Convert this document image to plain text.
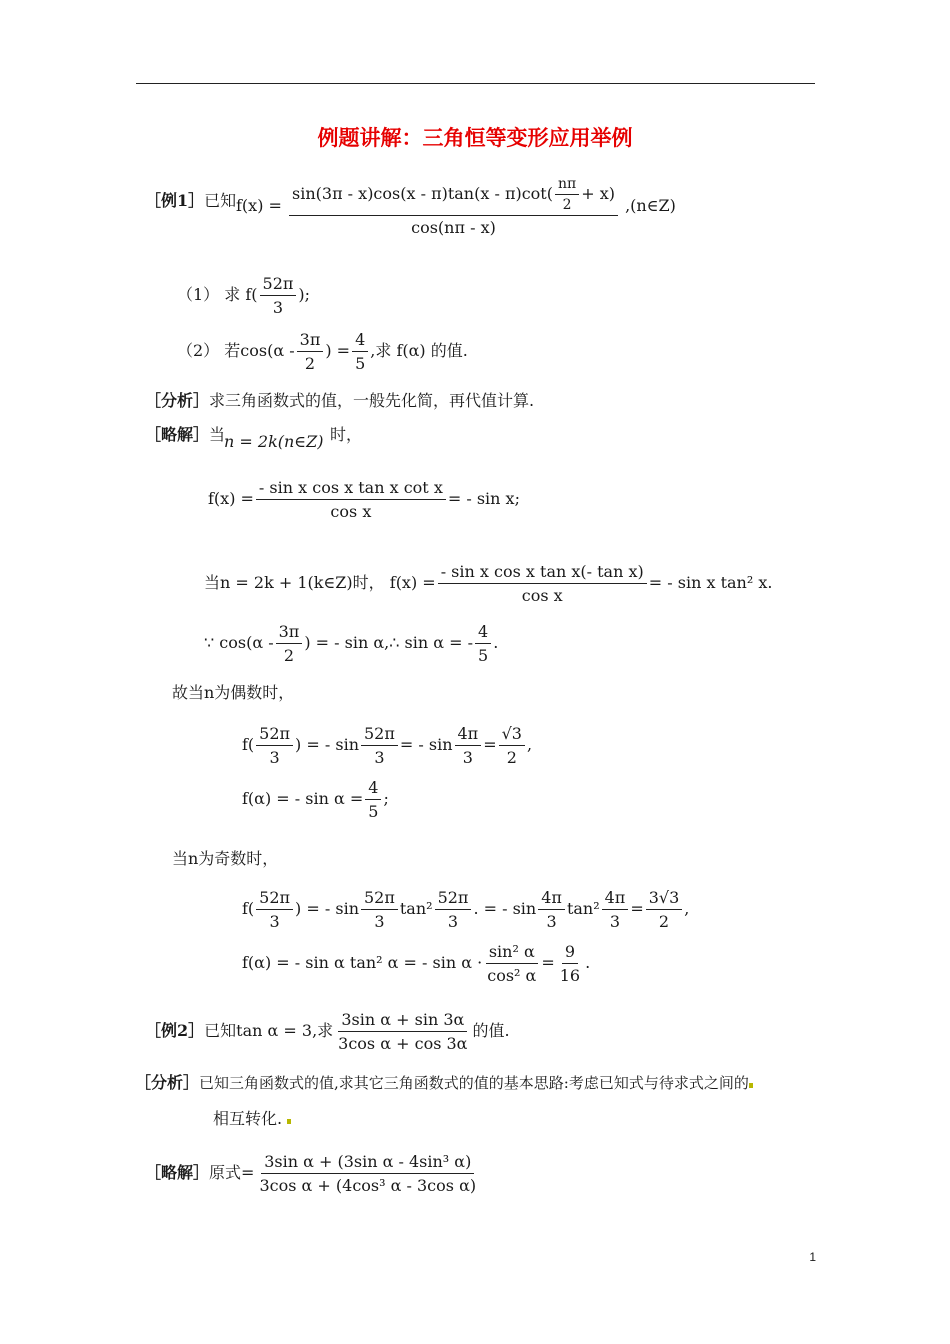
例题讲解：三角恒等变形应用举例
［例1］已知 $f(x) = \frac{\sin(3\pi - x)\cos(x - \pi)\tan(x - \pi)\cot( \frac{n\pi}{2} + x)}{\cos(n\pi - x)}$ ,(n∈Z)
（1） 求 $f( \frac{52\pi}{3}$ );
（2） 若$\cos(\alpha - \frac{3\pi}{2}$ ) = $\frac{4}{5}$ ,求 f(α) 的值.
［分析］求三角函数式的值，一般先化简，再代值计算.
［略解］当
n = 2k(n∈Z) 时，
$f(x) = \frac{\text{- sin x cos x tan x cot x}}{\text{cos x}}$ = - sin x;
当n = 2k + 1(k∈Z)时， $f(x) = \frac{\text{- sin x cos x tan x(- tan x)}}{\text{cos x}}$ = - sin x tan² x.
∵ $\cos(\alpha - \frac{3\pi}{2}$ ) = - sin α,∴ sin α = - $\frac{4}{5}$ .
故当n为偶数时，
$f( \frac{52\pi}{3}$ ) = - $\sin \frac{52\pi}{3}$ = - $\sin \frac{4\pi}{3} = \frac{√3}{2}$ ,
f(α) = - $\sin \alpha = \frac{4}{5}$ ;
当n为奇数时，
$f( \frac{52\pi}{3}$ ) = - $\sin \frac{52\pi}{3} \tan^2 \frac{52\pi}{3}$ . = - $\sin \frac{4\pi}{3} \tan^2 \frac{4\pi}{3} = \frac{3√3}{2}$ ,
f(α) = - sin α tan² α = - $\sin \alpha \cdot \frac{\text{sin² α}}{\text{cos² α}} = \frac{9}{16}$ .
［例2］已知tan α = 3,求 $\frac{\text{3sin α + sin 3α}}{\text{3cos α + cos 3α}}$ 的值.
［分析］已知三角函数式的值,求其它三角函数式的值的基本思路:考虑已知式与待求式之间的
相互转化.
［略解］原式= $\frac{\text{3sin α + (3sin α - 4sin³ α)}}{\text{3cos α + (4cos³ α - 3cos α)}}$
1
